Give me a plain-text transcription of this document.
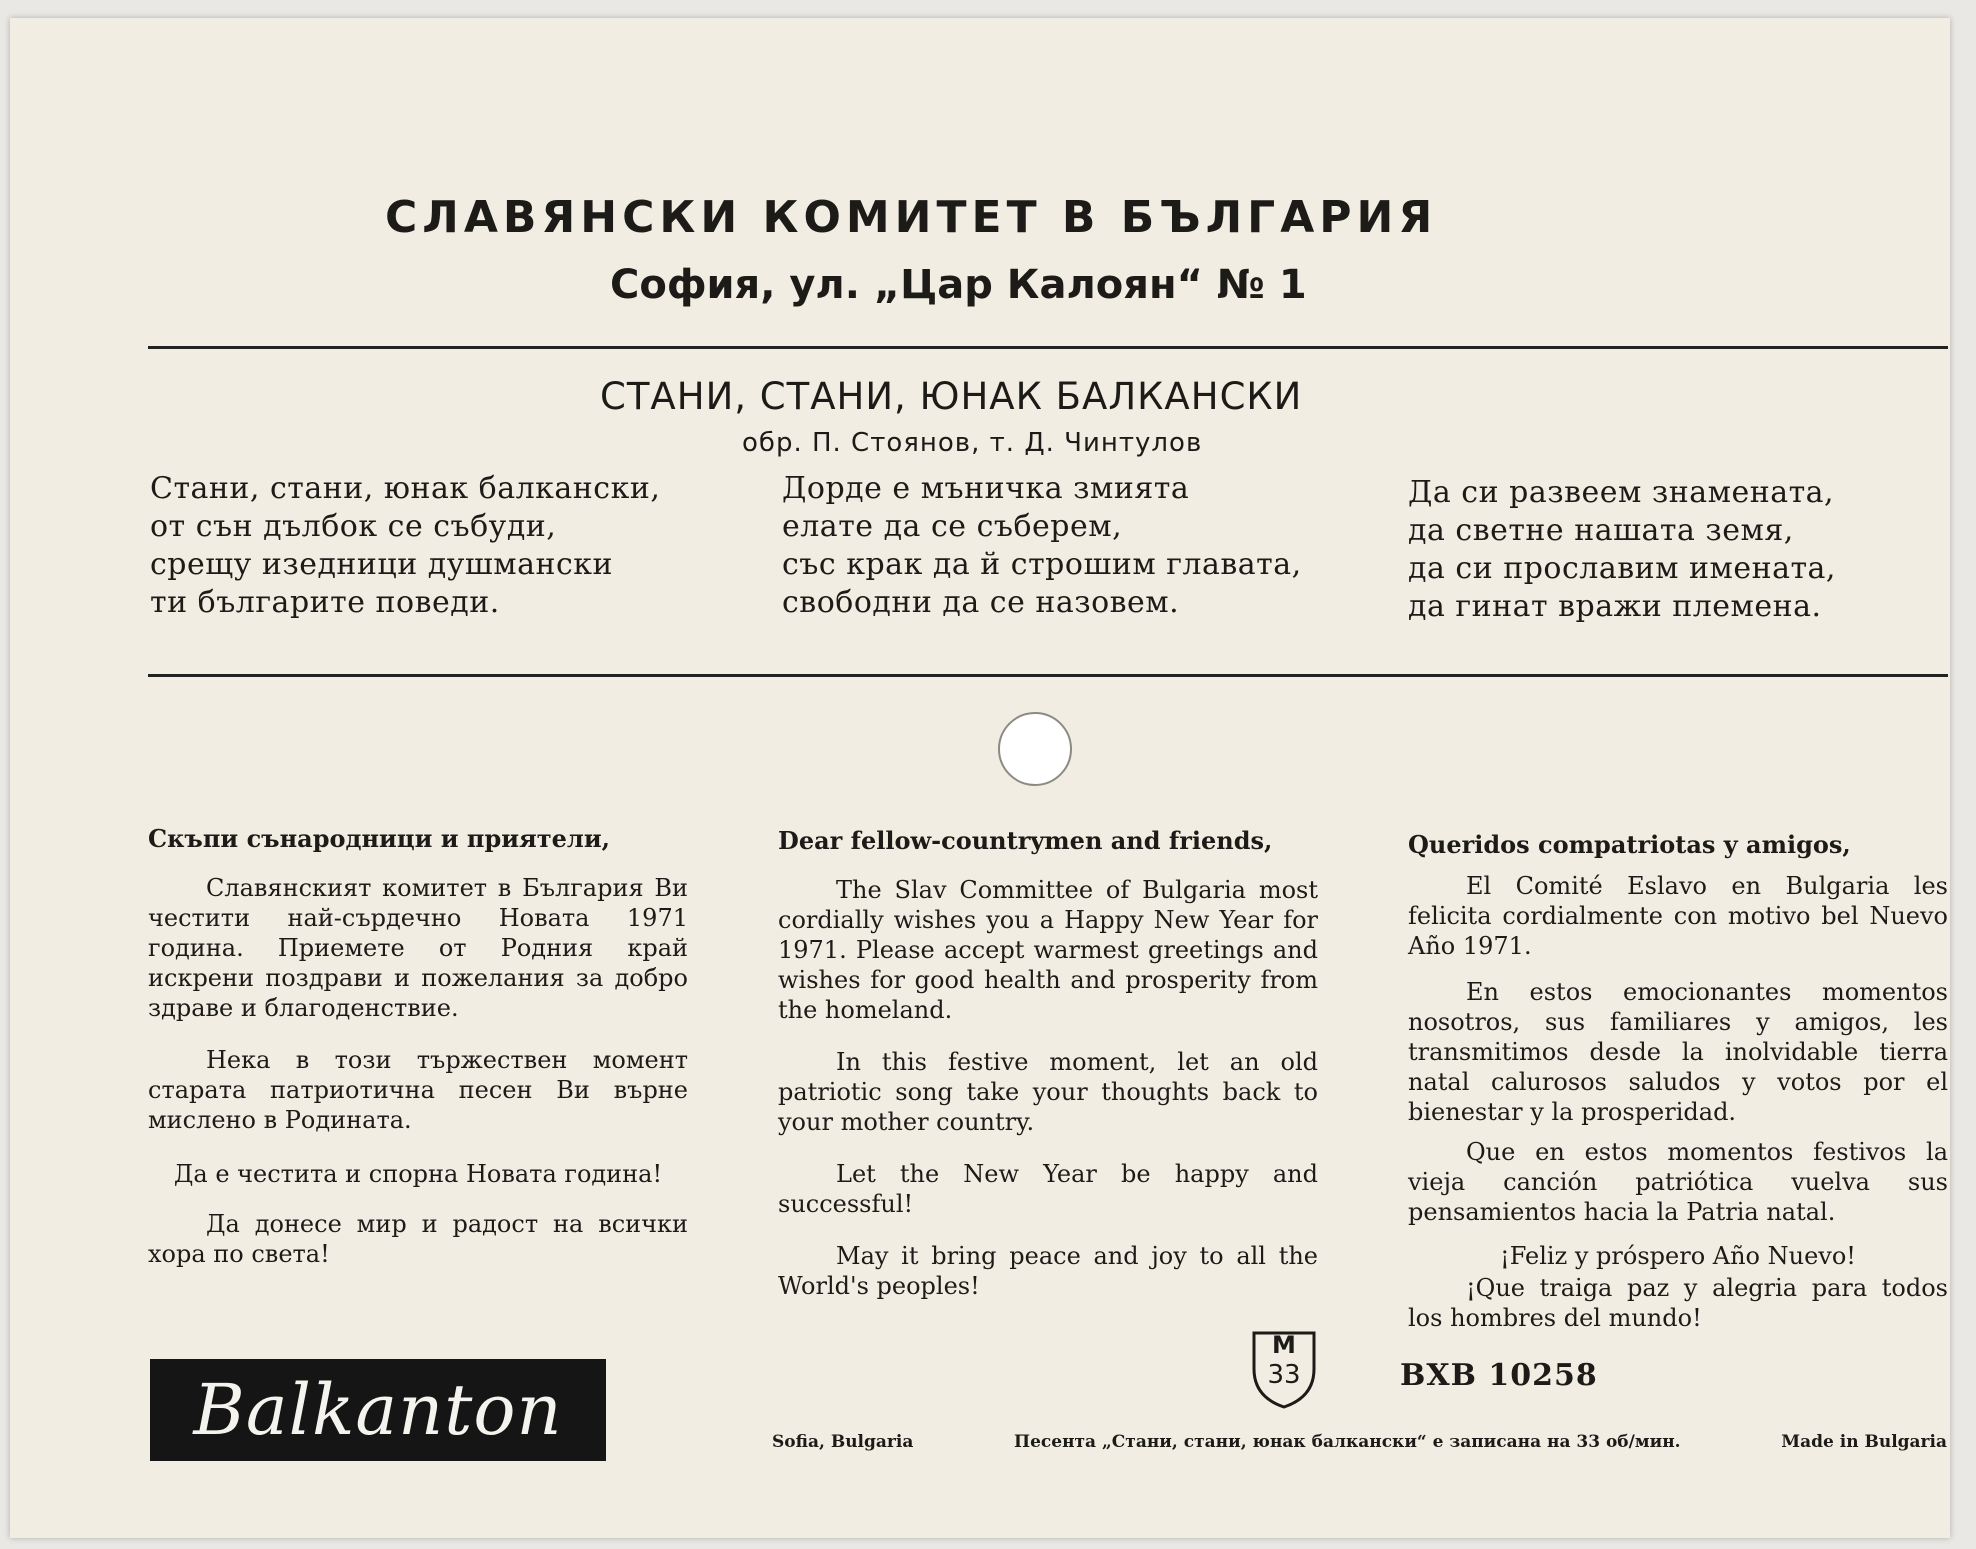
СЛАВЯНСКИ КОМИТЕТ В БЪЛГАРИЯ
София, ул. „Цар Калоян“ № 1
СТАНИ, СТАНИ, ЮНАК БАЛКАНСКИ
обр. П. Стоянов, т. Д. Чинтулов
Стани, стани, юнак балкански,
от сън дълбок се събуди,
срещу изедници душмански
ти българите поведи.
Дорде е мъничка змията
елате да се съберем,
със крак да й строшим главата,
свободни да се назовем.
Да си развеем знамената,
да светне нашата земя,
да си прославим имената,
да гинат вражи племена.
Скъпи сънародници и приятели,
Славянският комитет в България Ви честити най-сърдечно Новата 1971 година. Приемете от Родния край искрени поздрави и пожелания за добро здраве и благоденствие.
Нека в този тържествен момент старата патриотична песен Ви върне мислено в Родината.
Да е честита и спорна Новата година!
Да донесе мир и радост на всички хора по света!
Dear fellow-countrymen and friends,
The Slav Committee of Bulgaria most cordially wishes you a Happy New Year for 1971. Please accept warmest greetings and wishes for good health and prosperity from the homeland.
In this festive moment, let an old patriotic song take your thoughts back to your mother country.
Let the New Year be happy and successful!
May it bring peace and joy to all the World's peoples!
Queridos compatriotas y amigos,
El Comité Eslavo en Bulgaria les felicita cordialmente con motivo bel Nuevo Año 1971.
En estos emocionantes momentos nosotros, sus familiares y amigos, les transmitimos desde la inolvidable tierra natal calurosos saludos y votos por el bienestar y la prosperidad.
Que en estos momentos festivos la vieja canción patriótica vuelva sus pensamientos hacia la Patria natal.
¡Feliz y próspero Año Nuevo!
¡Que traiga paz y alegria para todos los hombres del mundo!
Balkanton
M
33	BXB 10258
Sofia, Bulgaria	Песента „Стани, стани, юнак балкански“ е записана на 33 об/мин.	Made in Bulgaria
